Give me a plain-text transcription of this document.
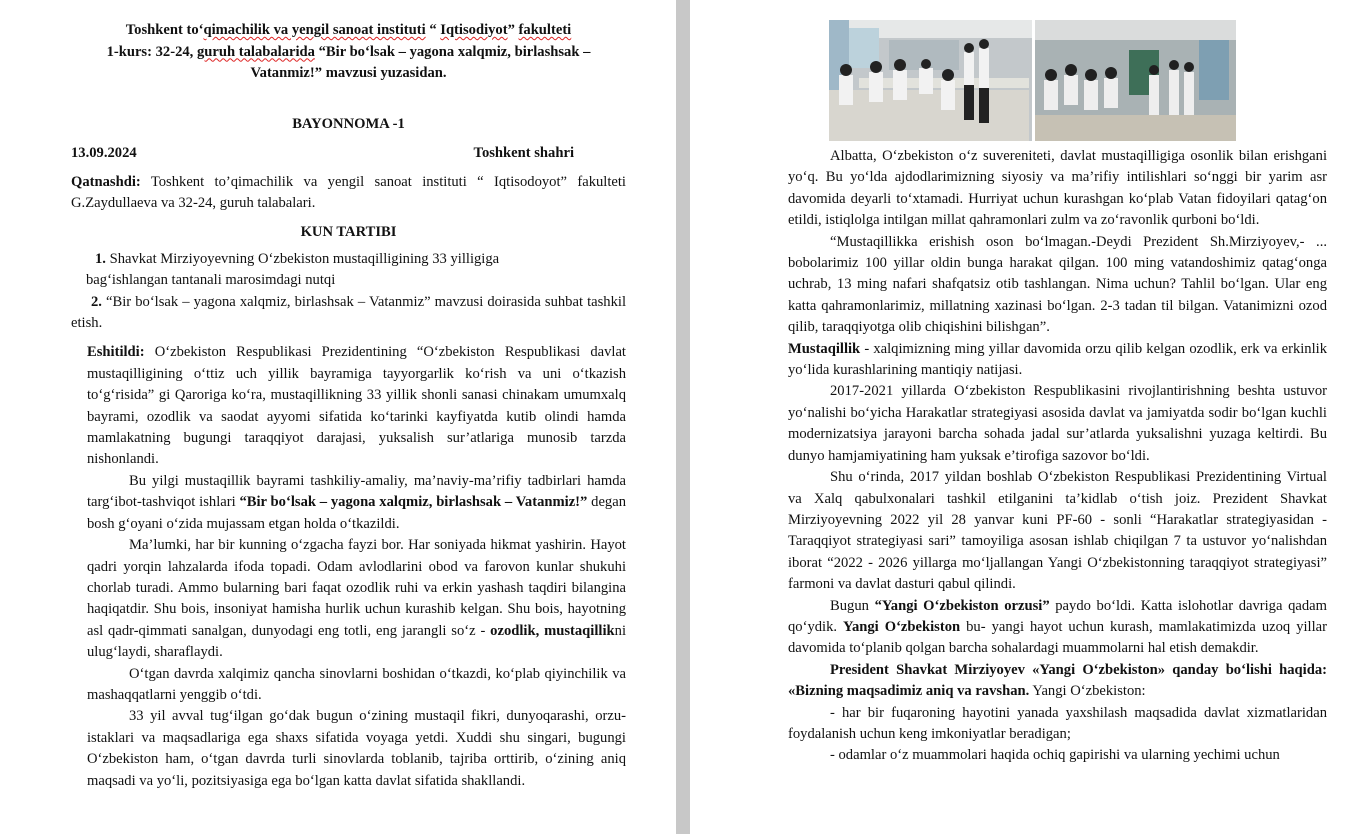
Toshkent to‘qimachilik va yengil sanoat instituti “ Iqtisodiyot” fakulteti
1-kurs: 32-24, guruh talabalarida “Bir bo‘lsak – yagona xalqmiz, birlashsak –
Vatanmiz!” mavzusi yuzasidan.

BAYONNOMA -1

13.09.2024	Toshkent shahri

Qatnashdi: Toshkent to’qimachilik va yengil sanoat instituti “ Iqtisodoyot” fakulteti G.Zaydullaeva va 32-24, guruh talabalari.

KUN TARTIBI

1. Shavkat Mirziyoyevning O‘zbekiston mustaqilligining 33 yilligiga

bag‘ishlangan tantanali marosimdagi nutqi

2. “Bir bo‘lsak – yagona xalqmiz, birlashsak – Vatanmiz” mavzusi doirasida suhbat tashkil etish.

Eshitildi: O‘zbekiston Respublikasi Prezidentining “O‘zbekiston Respublikasi davlat mustaqilligining o‘ttiz uch yillik bayramiga tayyorgarlik ko‘rish va uni o‘tkazish to‘g‘risida” gi Qaroriga ko‘ra, mustaqillikning 33 yillik shonli sanasi chinakam umumxalq bayrami, ozodlik va saodat ayyomi sifatida ko‘tarinki kayfiyatda kutib olindi hamda mamlakatning bugungi taraqqiyot darajasi, yuksalish sur’atlariga munosib tarzda nishonlandi.

Bu yilgi mustaqillik bayrami tashkiliy-amaliy, ma’naviy-ma’rifiy tadbirlari hamda targ‘ibot-tashviqot ishlari “Bir bo‘lsak – yagona xalqmiz, birlashsak – Vatanmiz!” degan bosh g‘oyani o‘zida mujassam etgan holda o‘tkazildi.

Ma’lumki, har bir kunning o‘zgacha fayzi bor. Har soniyada hikmat yashirin. Hayot qadri yorqin lahzalarda ifoda topadi. Odam avlodlarini obod va farovon kunlar shukuhi chorlab turadi. Ammo bularning bari faqat ozodlik ruhi va erkin yashash taqdiri bilangina haqiqatdir. Shu bois, insoniyat hamisha hurlik uchun kurashib kelgan. Shu bois, hayotning asl qadr-qimmati sanalgan, dunyodagi eng totli, eng jarangli so‘z - ozodlik, mustaqillikni ulug‘laydi, sharaflaydi.

O‘tgan davrda xalqimiz qancha sinovlarni boshidan o‘tkazdi, ko‘plab qiyinchilik va mashaqqatlarni yenggib o‘tdi.

33 yil avval tug‘ilgan go‘dak bugun o‘zining mustaqil fikri, dunyoqarashi, orzu-istaklari va maqsadlariga ega shaxs sifatida voyaga yetdi. Xuddi shu singari, bugungi O‘zbekiston ham, o‘tgan davrda turli sinovlarda toblanib, tajriba orttirib, o‘zining aniq maqsadi va yo‘li, pozitsiyasiga ega bo‘lgan katta davlat sifatida shakllandi.

Albatta, O‘zbekiston o‘z suvereniteti, davlat mustaqilligiga osonlik bilan erishgani yo‘q. Bu yo‘lda ajdodlarimizning siyosiy va ma’rifiy intilishlari so‘nggi bir yarim asr davomida deyarli to‘xtamadi. Hurriyat uchun kurashgan ko‘plab Vatan fidoyilari qatag‘on etildi, istiqlolga intilgan millat qahramonlari zulm va zo‘ravonlik qurboni bo‘ldi.

“Mustaqillikka erishish oson bo‘lmagan.-Deydi Prezident Sh.Mirziyoyev,- ... bobolarimiz 100 yillar oldin bunga harakat qilgan. 100 ming vatandoshimiz qatag‘onga uchrab, 13 ming nafari shafqatsiz otib tashlangan. Nima uchun? Tahlil bo‘lgan. Ular eng katta qahramonlarimiz, millatning xazinasi bo‘lgan. 2-3 tadan til bilgan. Vatanimizni ozod qilib, taraqqiyotga olib chiqishini bilishgan”.

Mustaqillik - xalqimizning ming yillar davomida orzu qilib kelgan ozodlik, erk va erkinlik yo‘lida kurashlarining mantiqiy natijasi.

2017-2021 yillarda O‘zbekiston Respublikasini rivojlantirishning beshta ustuvor yo‘nalishi bo‘yicha Harakatlar strategiyasi asosida davlat va jamiyatda sodir bo‘lgan kuchli modernizatsiya jarayoni barcha sohada jadal sur’atlarda yuksalishni yuzaga keltirdi. Bu dunyo hamjamiyatining ham yuksak e’tirofiga sazovor bo‘ldi.

Shu o‘rinda, 2017 yildan boshlab O‘zbekiston Respublikasi Prezidentining Virtual va Xalq qabulxonalari tashkil etilganini ta’kidlab o‘tish joiz. Prezident Shavkat Mirziyoyevning 2022 yil 28 yanvar kuni PF-60 - sonli “Harakatlar strategiyasidan - Taraqqiyot strategiyasi sari” tamoyiliga asosan ishlab chiqilgan 7 ta ustuvor yo‘nalishdan iborat “2022 - 2026 yillarga mo‘ljallangan Yangi O‘zbekistonning taraqqiyot strategiyasi” farmoni va davlat dasturi qabul qilindi.

Bugun “Yangi O‘zbekiston orzusi” paydo bo‘ldi. Katta islohotlar davriga qadam qo‘ydik. Yangi O‘zbekiston bu- yangi hayot uchun kurash, mamlakatimizda uzoq yillar davomida to‘planib qolgan barcha sohalardagi muammolarni hal etish demakdir.

President Shavkat Mirziyoyev «Yangi O‘zbekiston» qanday bo‘lishi haqida: «Bizning maqsadimiz aniq va ravshan. Yangi O‘zbekiston:

- har bir fuqaroning hayotini yanada yaxshilash maqsadida davlat xizmatlaridan foydalanish uchun keng imkoniyatlar beradigan;

- odamlar o‘z muammolari haqida ochiq gapirishi va ularning yechimi uchun
